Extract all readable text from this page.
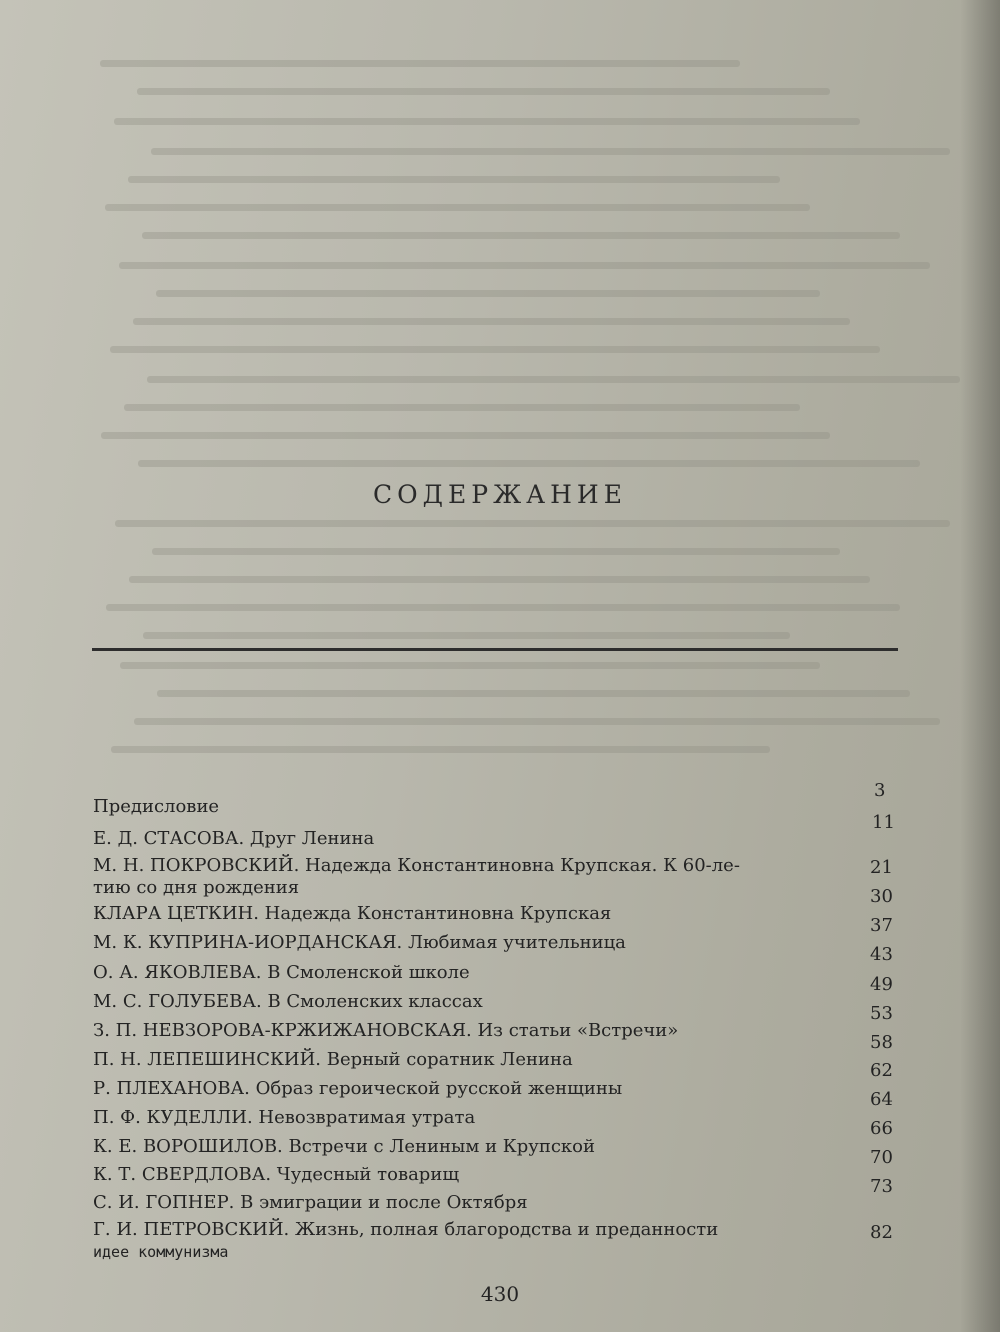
СОДЕРЖАНИЕ
Предисловие
3
Е. Д. СТАСОВА. Друг Ленина
11
М. Н. ПОКРОВСКИЙ. Надежда Константиновна Крупская. К 60-ле-
тию со дня рождения
21
КЛАРА ЦЕТКИН. Надежда Константиновна Крупская
30
М. К. КУПРИНА-ИОРДАНСКАЯ. Любимая учительница
37
О. А. ЯКОВЛЕВА. В Смоленской школе
43
М. С. ГОЛУБЕВА. В Смоленских классах
49
З. П. НЕВЗОРОВА-КРЖИЖАНОВСКАЯ. Из статьи «Встречи»
53
П. Н. ЛЕПЕШИНСКИЙ. Верный соратник Ленина
58
Р. ПЛЕХАНОВА. Образ героической русской женщины
62
П. Ф. КУДЕЛЛИ. Невозвратимая утрата
64
К. Е. ВОРОШИЛОВ. Встречи с Лениным и Крупской
66
К. Т. СВЕРДЛОВА. Чудесный товарищ
70
С. И. ГОПНЕР. В эмиграции и после Октября
73
Г. И. ПЕТРОВСКИЙ. Жизнь, полная благородства и преданности
идее коммунизма
82
430
